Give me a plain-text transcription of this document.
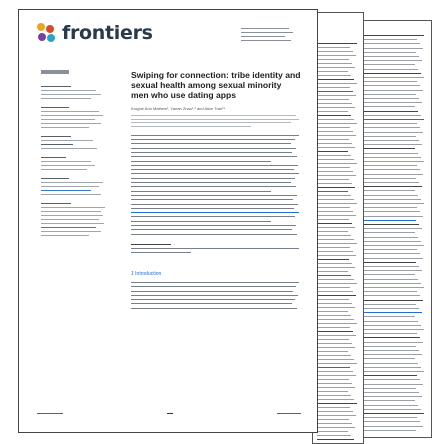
frontiers
Swiping for connection: tribe identity and sexual health among sexual minority men who use dating apps
Krugoe Ann Mathew¹, Yanan Zhao¹,² and Alice Tran¹*
1 Introduction
